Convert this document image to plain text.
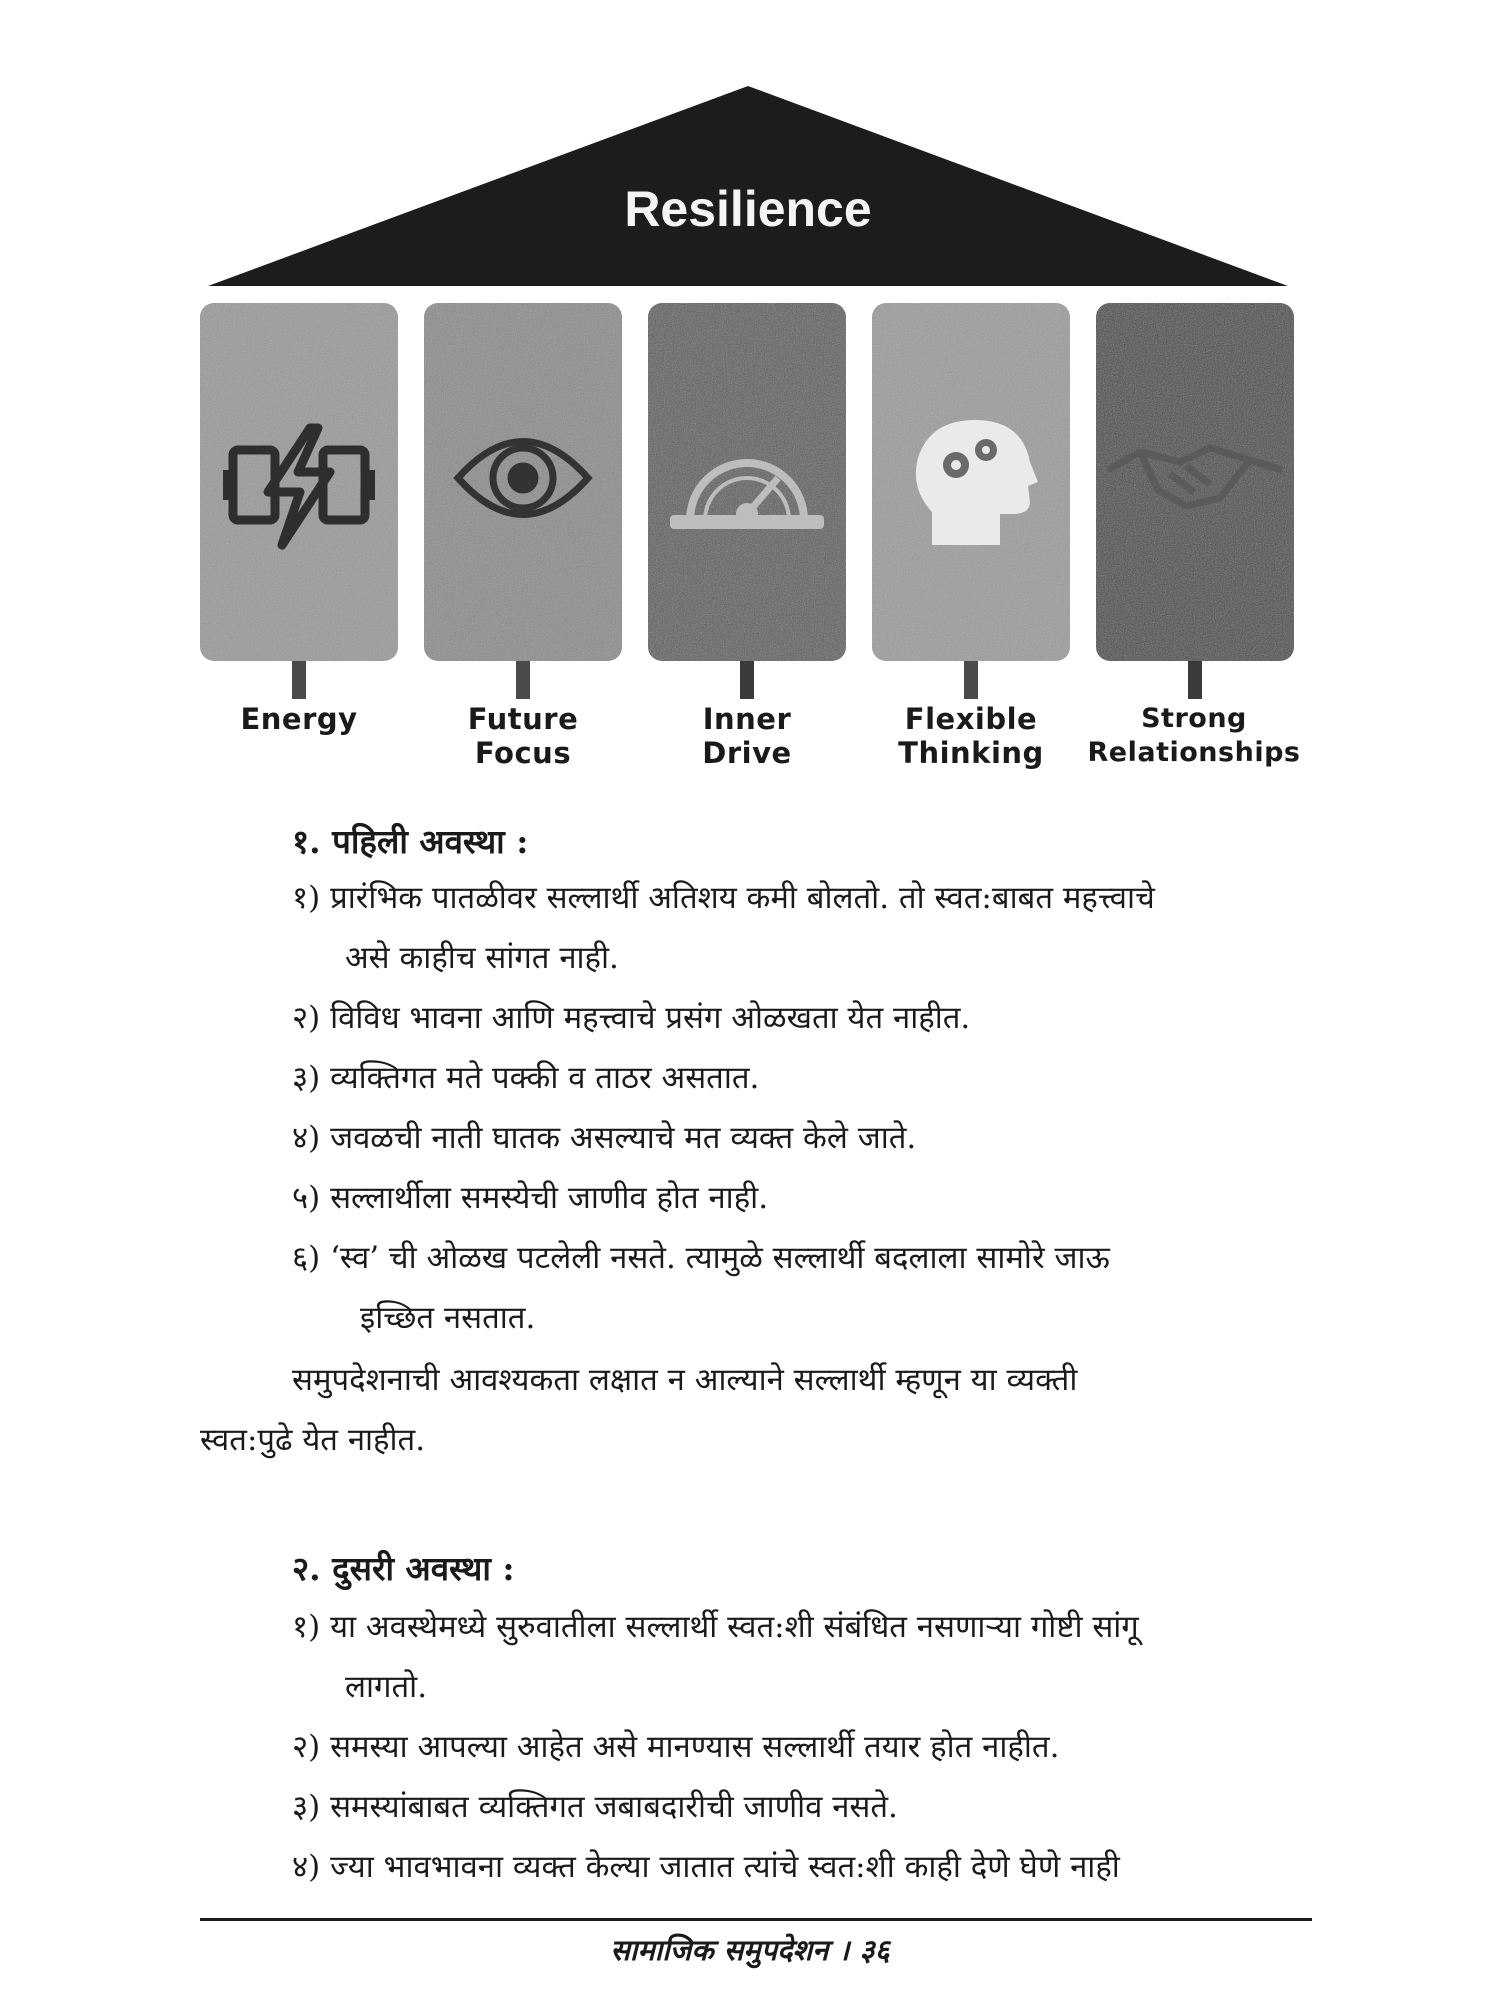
Resilience
Energy	Future
Focus
Inner
Drive
Flexible
Thinking
Strong
Relationships
१. पहिली अवस्था :
१) प्रारंभिक पातळीवर सल्लार्थी अतिशय कमी बोलतो. तो स्वत:बाबत महत्त्वाचे
असे काहीच सांगत नाही.
२) विविध भावना आणि महत्त्वाचे प्रसंग ओळखता येत नाहीत.
३) व्यक्तिगत मते पक्की व ताठर असतात.
४) जवळची नाती घातक असल्याचे मत व्यक्त केले जाते.
५) सल्लार्थीला समस्येची जाणीव होत नाही.
६) ‘स्व’ ची ओळख पटलेली नसते. त्यामुळे सल्लार्थी बदलाला सामोरे जाऊ
इच्छित नसतात.
समुपदेशनाची आवश्यकता लक्षात न आल्याने सल्लार्थी म्हणून या व्यक्ती
स्वत:पुढे येत नाहीत.
२. दुसरी अवस्था :
१) या अवस्थेमध्ये सुरुवातीला सल्लार्थी स्वत:शी संबंधित नसणाऱ्या गोष्टी सांगू
लागतो.
२) समस्या आपल्या आहेत असे मानण्यास सल्लार्थी तयार होत नाहीत.
३) समस्यांबाबत व्यक्तिगत जबाबदारीची जाणीव नसते.
४) ज्या भावभावना व्यक्त केल्या जातात त्यांचे स्वत:शी काही देणे घेणे नाही
सामाजिक समुपदेशन । ३६
